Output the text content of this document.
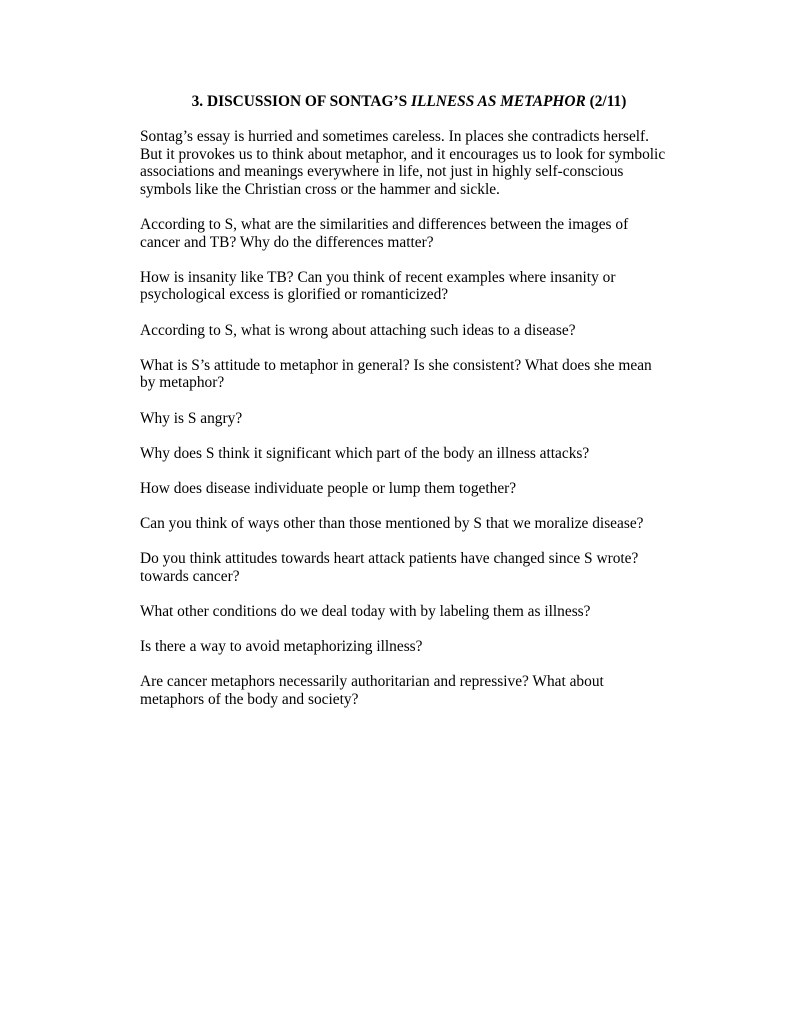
3. DISCUSSION OF SONTAG’S ILLNESS AS METAPHOR (2/11)

Sontag’s essay is hurried and sometimes careless. In places she contradicts herself.
But it provokes us to think about metaphor, and it encourages us to look for symbolic
associations and meanings everywhere in life, not just in highly self-conscious
symbols like the Christian cross or the hammer and sickle.

According to S, what are the similarities and differences between the images of
cancer and TB? Why do the differences matter?

How is insanity like TB? Can you think of recent examples where insanity or
psychological excess is glorified or romanticized?

According to S, what is wrong about attaching such ideas to a disease?

What is S’s attitude to metaphor in general? Is she consistent? What does she mean
by metaphor?

Why is S angry?

Why does S think it significant which part of the body an illness attacks?

How does disease individuate people or lump them together?

Can you think of ways other than those mentioned by S that we moralize disease?

Do you think attitudes towards heart attack patients have changed since S wrote?
towards cancer?

What other conditions do we deal today with by labeling them as illness?

Is there a way to avoid metaphorizing illness?

Are cancer metaphors necessarily authoritarian and repressive? What about
metaphors of the body and society?
